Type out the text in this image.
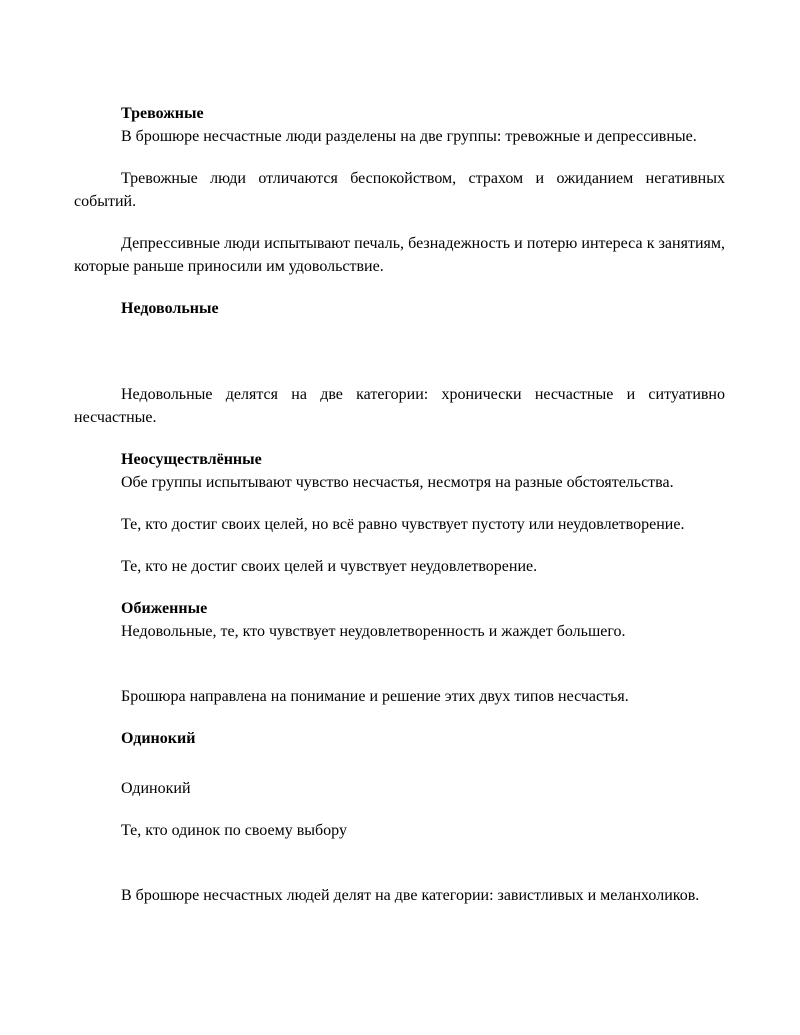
Тревожные

В брошюре несчастные люди разделены на две группы: тревожные и депрессивные.

Тревожные люди отличаются беспокойством, страхом и ожиданием негативных событий.

Депрессивные люди испытывают печаль, безнадежность и потерю интереса к занятиям, которые раньше приносили им удовольствие.

Недовольные

Недовольные делятся на две категории: хронически несчастные и ситуативно несчастные.

Неосуществлённые

Обе группы испытывают чувство несчастья, несмотря на разные обстоятельства.

Те, кто достиг своих целей, но всё равно чувствует пустоту или неудовлетворение.

Те, кто не достиг своих целей и чувствует неудовлетворение.

Обиженные

Недовольные, те, кто чувствует неудовлетворенность и жаждет большего.

Брошюра направлена на понимание и решение этих двух типов несчастья.

Одинокий

Одинокий

Те, кто одинок по своему выбору

В брошюре несчастных людей делят на две категории: завистливых и меланхоликов.
